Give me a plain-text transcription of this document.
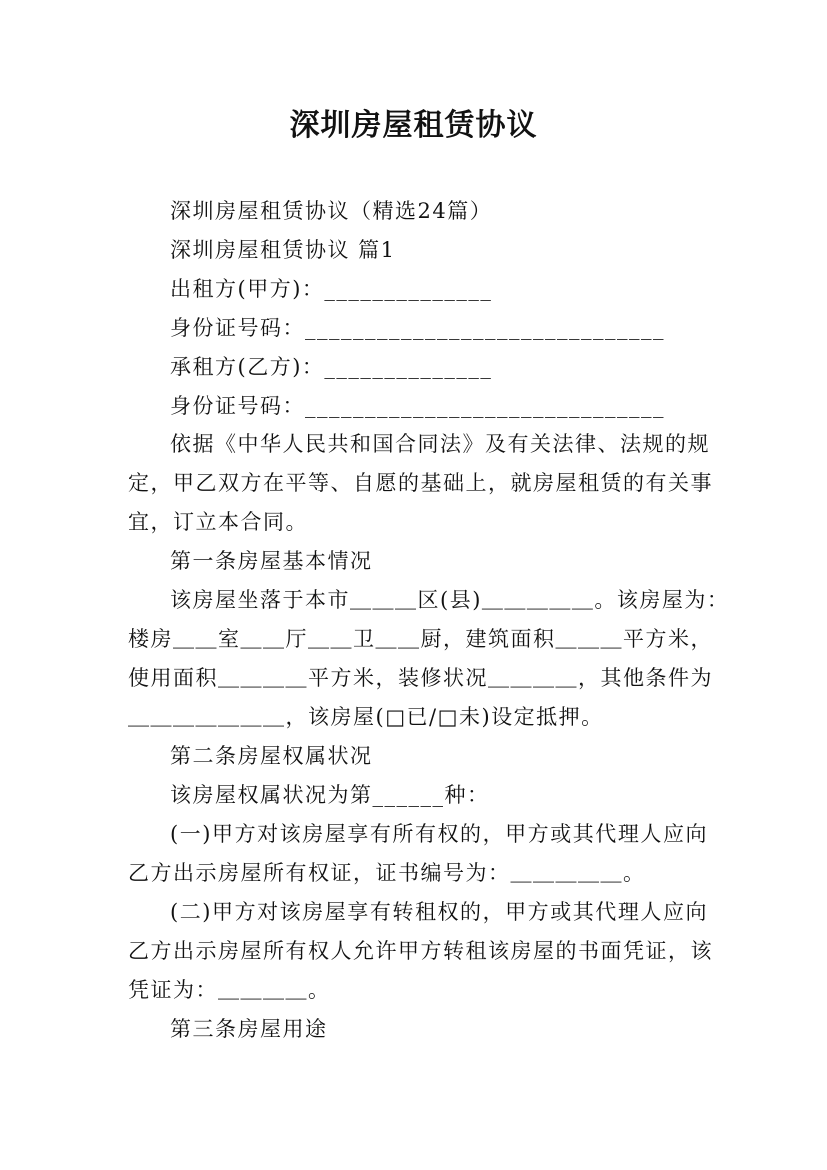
深圳房屋租赁协议
深圳房屋租赁协议（精选24篇）
深圳房屋租赁协议 篇1
出租方(甲方)：______________
身份证号码：______________________________
承租方(乙方)：______________
身份证号码：______________________________
依据《中华人民共和国合同法》及有关法律、法规的规
定，甲乙双方在平等、自愿的基础上，就房屋租赁的有关事
宜，订立本合同。
第一条房屋基本情况
该房屋坐落于本市＿＿＿区(县)＿＿＿＿＿。该房屋为：
楼房＿＿室＿＿厅＿＿卫＿＿厨，建筑面积＿＿＿平方米，
使用面积＿＿＿＿平方米，装修状况＿＿＿＿，其他条件为
＿＿＿＿＿＿＿，该房屋(□已/□未)设定抵押。
第二条房屋权属状况
该房屋权属状况为第______种：
(一)甲方对该房屋享有所有权的，甲方或其代理人应向
乙方出示房屋所有权证，证书编号为：＿＿＿＿＿。
(二)甲方对该房屋享有转租权的，甲方或其代理人应向
乙方出示房屋所有权人允许甲方转租该房屋的书面凭证，该
凭证为：＿＿＿＿。
第三条房屋用途
